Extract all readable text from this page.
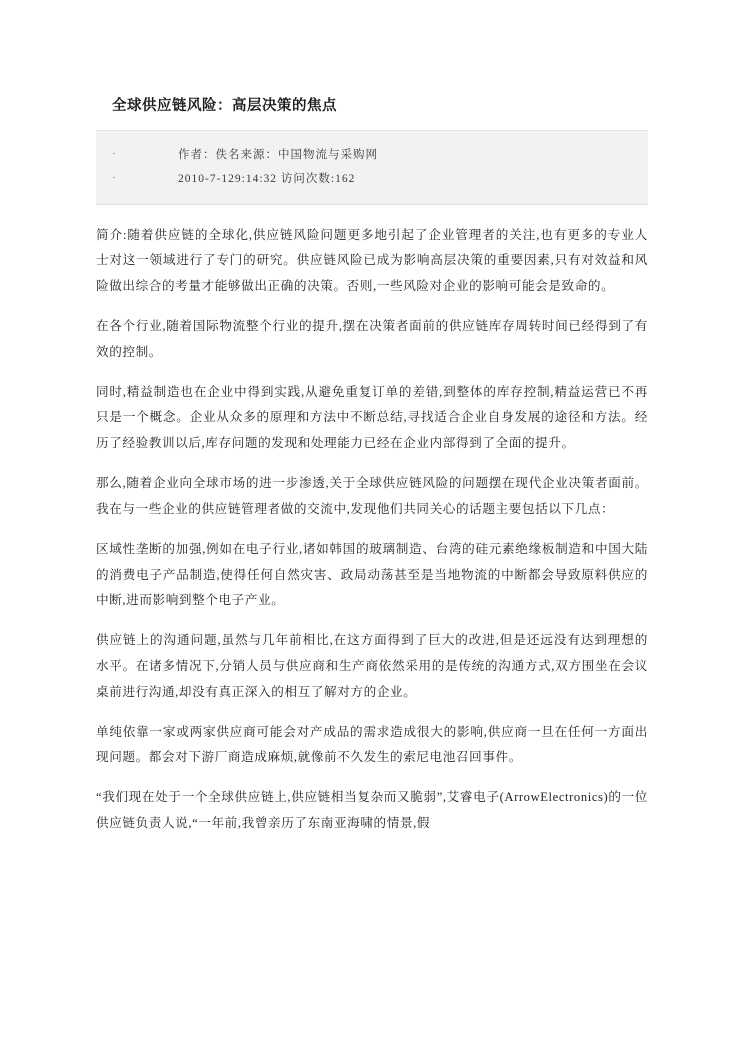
全球供应链风险：高层决策的焦点
·	作者：佚名来源：中国物流与采购网
·	2010-7-129:14:32 访问次数:162

简介:随着供应链的全球化,供应链风险问题更多地引起了企业管理者的关注,也有更多的专业人士对这一领域进行了专门的研究。供应链风险已成为影响高层决策的重要因素,只有对效益和风险做出综合的考量才能够做出正确的决策。否则,一些风险对企业的影响可能会是致命的。

在各个行业,随着国际物流整个行业的提升,摆在决策者面前的供应链库存周转时间已经得到了有效的控制。

同时,精益制造也在企业中得到实践,从避免重复订单的差错,到整体的库存控制,精益运营已不再只是一个概念。企业从众多的原理和方法中不断总结,寻找适合企业自身发展的途径和方法。经历了经验教训以后,库存问题的发现和处理能力已经在企业内部得到了全面的提升。

那么,随着企业向全球市场的进一步渗透,关于全球供应链风险的问题摆在现代企业决策者面前。我在与一些企业的供应链管理者做的交流中,发现他们共同关心的话题主要包括以下几点：

区域性垄断的加强,例如在电子行业,诸如韩国的玻璃制造、台湾的硅元素绝缘板制造和中国大陆的消费电子产品制造,使得任何自然灾害、政局动荡甚至是当地物流的中断都会导致原料供应的中断,进而影响到整个电子产业。

供应链上的沟通问题,虽然与几年前相比,在这方面得到了巨大的改进,但是还远没有达到理想的水平。在诸多情况下,分销人员与供应商和生产商依然采用的是传统的沟通方式,双方围坐在会议桌前进行沟通,却没有真正深入的相互了解对方的企业。

单纯依靠一家或两家供应商可能会对产成品的需求造成很大的影响,供应商一旦在任何一方面出现问题。都会对下游厂商造成麻烦,就像前不久发生的索尼电池召回事件。

“我们现在处于一个全球供应链上,供应链相当复杂而又脆弱”,艾睿电子(ArrowElectronics)的一位供应链负责人说,“一年前,我曾亲历了东南亚海啸的情景,假
